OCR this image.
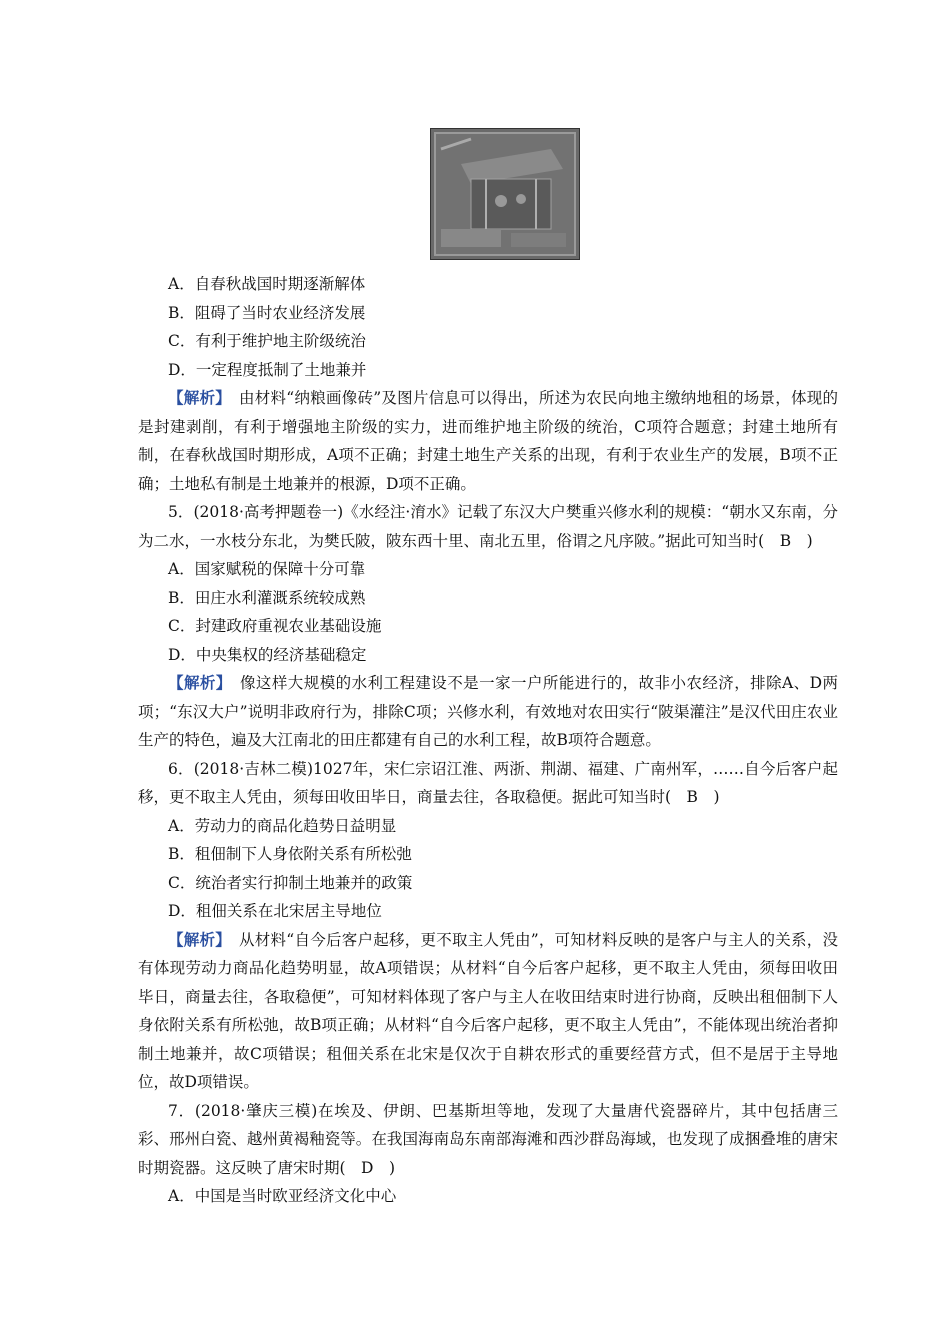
A．自春秋战国时期逐渐解体
B．阻碍了当时农业经济发展
C．有利于维护地主阶级统治
D．一定程度抵制了土地兼并

【解析】　由材料“纳粮画像砖”及图片信息可以得出，所述为农民向地主缴纳地租的场景，体现的是封建剥削，有利于增强地主阶级的实力，进而维护地主阶级的统治，C项符合题意；封建土地所有制，在春秋战国时期形成，A项不正确；封建土地生产关系的出现，有利于农业生产的发展，B项不正确；土地私有制是土地兼并的根源，D项不正确。

5．(2018·高考押题卷一)《水经注·淯水》记载了东汉大户樊重兴修水利的规模：“朝水又东南，分为二水，一水枝分东北，为樊氏陂，陂东西十里、南北五里，俗谓之凡序陂。”据此可知当时(　B　)

A．国家赋税的保障十分可靠
B．田庄水利灌溉系统较成熟
C．封建政府重视农业基础设施
D．中央集权的经济基础稳定

【解析】　像这样大规模的水利工程建设不是一家一户所能进行的，故非小农经济，排除A、D两项；“东汉大户”说明非政府行为，排除C项；兴修水利，有效地对农田实行“陂渠灌注”是汉代田庄农业生产的特色，遍及大江南北的田庄都建有自己的水利工程，故B项符合题意。

6．(2018·吉林二模)1027年，宋仁宗诏江淮、两浙、荆湖、福建、广南州军，……自今后客户起移，更不取主人凭由，须每田收田毕日，商量去往，各取稳便。据此可知当时(　B　)

A．劳动力的商品化趋势日益明显
B．租佃制下人身依附关系有所松弛
C．统治者实行抑制土地兼并的政策
D．租佃关系在北宋居主导地位

【解析】　从材料“自今后客户起移，更不取主人凭由”，可知材料反映的是客户与主人的关系，没有体现劳动力商品化趋势明显，故A项错误；从材料“自今后客户起移，更不取主人凭由，须每田收田毕日，商量去往，各取稳便”，可知材料体现了客户与主人在收田结束时进行协商，反映出租佃制下人身依附关系有所松弛，故B项正确；从材料“自今后客户起移，更不取主人凭由”，不能体现出统治者抑制土地兼并，故C项错误；租佃关系在北宋是仅次于自耕农形式的重要经营方式，但不是居于主导地位，故D项错误。

7．(2018·肇庆三模)在埃及、伊朗、巴基斯坦等地，发现了大量唐代瓷器碎片，其中包括唐三彩、邢州白瓷、越州黄褐釉瓷等。在我国海南岛东南部海滩和西沙群岛海域，也发现了成捆叠堆的唐宋时期瓷器。这反映了唐宋时期(　D　)

A．中国是当时欧亚经济文化中心
